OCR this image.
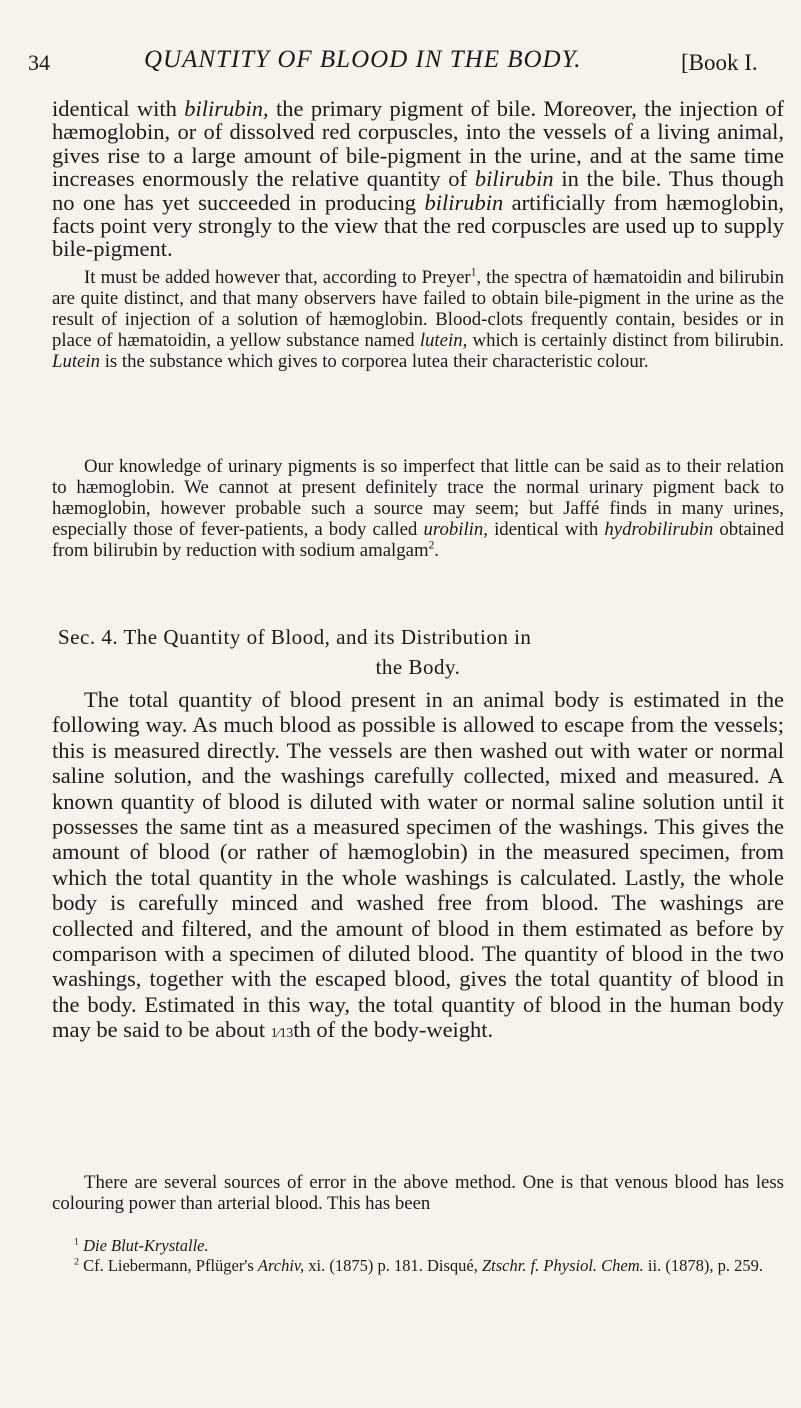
34	QUANTITY OF BLOOD IN THE BODY.	[Book I.

identical with bilirubin, the primary pigment of bile. Moreover, the injection of hæmoglobin, or of dissolved red corpuscles, into the vessels of a living animal, gives rise to a large amount of bile-pigment in the urine, and at the same time increases enormously the relative quantity of bilirubin in the bile. Thus though no one has yet succeeded in producing bilirubin artificially from hæmoglobin, facts point very strongly to the view that the red corpuscles are used up to supply bile-pigment.

It must be added however that, according to Preyer$^1$, the spectra of hæmatoidin and bilirubin are quite distinct, and that many observers have failed to obtain bile-pigment in the urine as the result of injection of a solution of hæmoglobin. Blood-clots frequently contain, besides or in place of hæmatoidin, a yellow substance named lutein, which is certainly distinct from bilirubin. Lutein is the substance which gives to corporea lutea their characteristic colour.

Our knowledge of urinary pigments is so imperfect that little can be said as to their relation to hæmoglobin. We cannot at present definitely trace the normal urinary pigment back to hæmoglobin, however probable such a source may seem; but Jaffé finds in many urines, especially those of fever-patients, a body called urobilin, identical with hydrobilirubin obtained from bilirubin by reduction with sodium amalgam$^2$.

Sec. 4. The Quantity of Blood, and its Distribution in
the Body.

The total quantity of blood present in an animal body is estimated in the following way. As much blood as possible is allowed to escape from the vessels; this is measured directly. The vessels are then washed out with water or normal saline solution, and the washings carefully collected, mixed and measured. A known quantity of blood is diluted with water or normal saline solution until it possesses the same tint as a measured specimen of the washings. This gives the amount of blood (or rather of hæmoglobin) in the measured specimen, from which the total quantity in the whole washings is calculated. Lastly, the whole body is carefully minced and washed free from blood. The washings are collected and filtered, and the amount of blood in them estimated as before by comparison with a specimen of diluted blood. The quantity of blood in the two washings, together with the escaped blood, gives the total quantity of blood in the body. Estimated in this way, the total quantity of blood in the human body may be said to be about 1⁄13th of the body-weight.

There are several sources of error in the above method. One is that venous blood has less colouring power than arterial blood. This has been

$^1$ Die Blut-Krystalle.
$^2$ Cf. Liebermann, Pflüger's Archiv, xi. (1875) p. 181. Disqué, Ztschr. f. Physiol. Chem. ii. (1878), p. 259.
